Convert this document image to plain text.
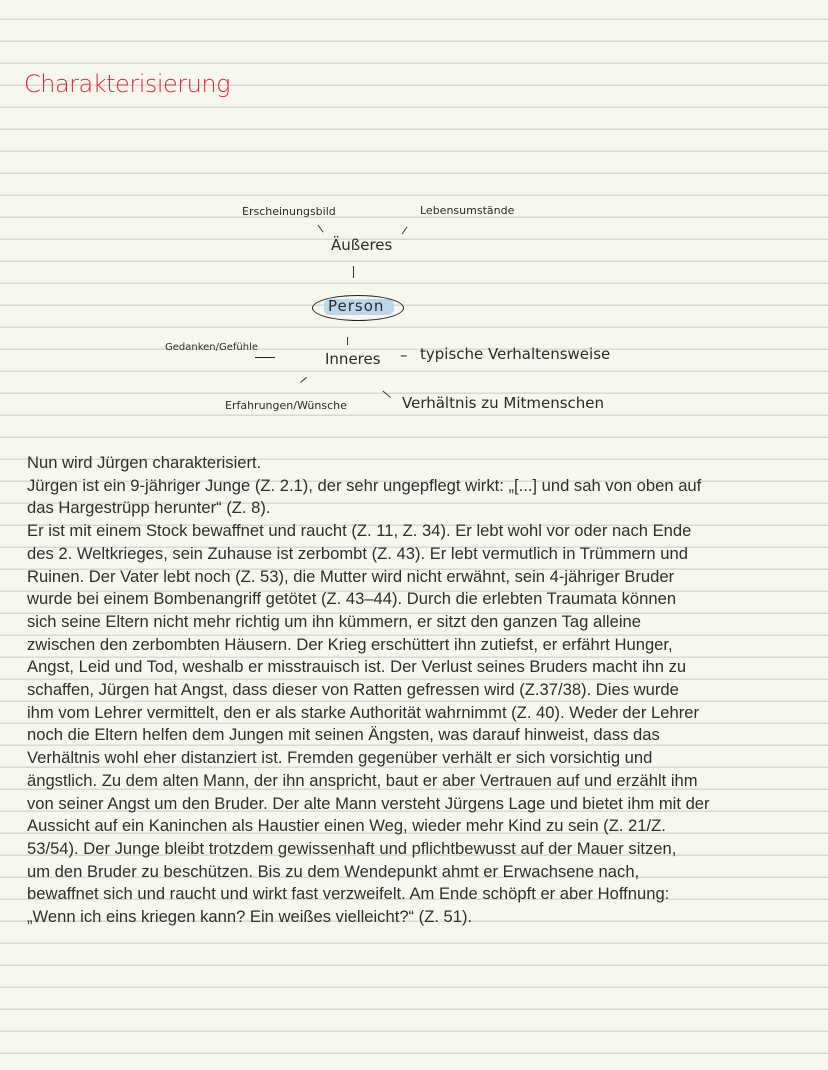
Charakterisierung
Erscheinungsbild	Lebensumstände
Äußeres
Person
Gedanken/Gefühle
Inneres – typische Verhaltensweise
Erfahrungen/Wünsche	Verhältnis zu Mitmenschen
Nun wird Jürgen charakterisiert.
Jürgen ist ein 9-jähriger Junge (Z. 2.1), der sehr ungepflegt wirkt: „[...] und sah von oben auf
das Hargestrüpp herunter“ (Z. 8).
Er ist mit einem Stock bewaffnet und raucht (Z. 11, Z. 34). Er lebt wohl vor oder nach Ende
des 2. Weltkrieges, sein Zuhause ist zerbombt (Z. 43). Er lebt vermutlich in Trümmern und
Ruinen. Der Vater lebt noch (Z. 53), die Mutter wird nicht erwähnt, sein 4-jähriger Bruder
wurde bei einem Bombenangriff getötet (Z. 43–44). Durch die erlebten Traumata können
sich seine Eltern nicht mehr richtig um ihn kümmern, er sitzt den ganzen Tag alleine
zwischen den zerbombten Häusern. Der Krieg erschüttert ihn zutiefst, er erfährt Hunger,
Angst, Leid und Tod, weshalb er misstrauisch ist. Der Verlust seines Bruders macht ihn zu
schaffen, Jürgen hat Angst, dass dieser von Ratten gefressen wird (Z.37/38). Dies wurde
ihm vom Lehrer vermittelt, den er als starke Authorität wahrnimmt (Z. 40). Weder der Lehrer
noch die Eltern helfen dem Jungen mit seinen Ängsten, was darauf hinweist, dass das
Verhältnis wohl eher distanziert ist. Fremden gegenüber verhält er sich vorsichtig und
ängstlich. Zu dem alten Mann, der ihn anspricht, baut er aber Vertrauen auf und erzählt ihm
von seiner Angst um den Bruder. Der alte Mann versteht Jürgens Lage und bietet ihm mit der
Aussicht auf ein Kaninchen als Haustier einen Weg, wieder mehr Kind zu sein (Z. 21/Z.
53/54). Der Junge bleibt trotzdem gewissenhaft und pflichtbewusst auf der Mauer sitzen,
um den Bruder zu beschützen. Bis zu dem Wendepunkt ahmt er Erwachsene nach,
bewaffnet sich und raucht und wirkt fast verzweifelt. Am Ende schöpft er aber Hoffnung:
„Wenn ich eins kriegen kann? Ein weißes vielleicht?“ (Z. 51).
